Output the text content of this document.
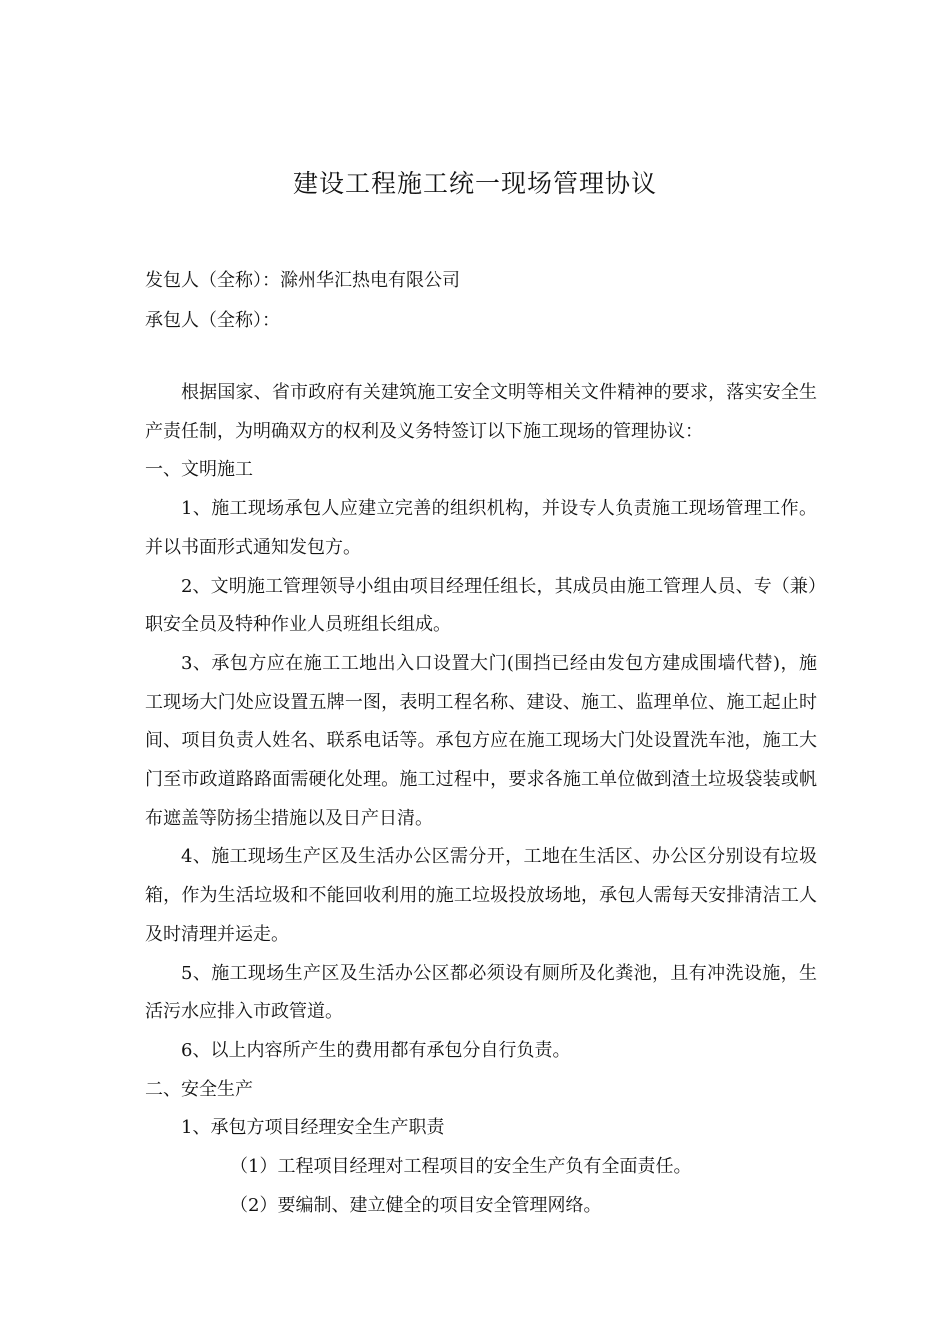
建设工程施工统一现场管理协议
发包人（全称）：滁州华汇热电有限公司
承包人（全称）：

根据国家、省市政府有关建筑施工安全文明等相关文件精神的要求，落实安全生产责任制，为明确双方的权利及义务特签订以下施工现场的管理协议：

一、文明施工

1、施工现场承包人应建立完善的组织机构，并设专人负责施工现场管理工作。并以书面形式通知发包方。

2、文明施工管理领导小组由项目经理任组长，其成员由施工管理人员、专（兼）职安全员及特种作业人员班组长组成。

3、承包方应在施工工地出入口设置大门(围挡已经由发包方建成围墙代替)，施工现场大门处应设置五牌一图，表明工程名称、建设、施工、监理单位、施工起止时间、项目负责人姓名、联系电话等。承包方应在施工现场大门处设置洗车池，施工大门至市政道路路面需硬化处理。施工过程中，要求各施工单位做到渣土垃圾袋装或帆布遮盖等防扬尘措施以及日产日清。

4、施工现场生产区及生活办公区需分开，工地在生活区、办公区分别设有垃圾箱，作为生活垃圾和不能回收利用的施工垃圾投放场地，承包人需每天安排清洁工人及时清理并运走。

5、施工现场生产区及生活办公区都必须设有厕所及化粪池，且有冲洗设施，生活污水应排入市政管道。

6、以上内容所产生的费用都有承包分自行负责。

二、安全生产

1、承包方项目经理安全生产职责

（1）工程项目经理对工程项目的安全生产负有全面责任。

（2）要编制、建立健全的项目安全管理网络。
